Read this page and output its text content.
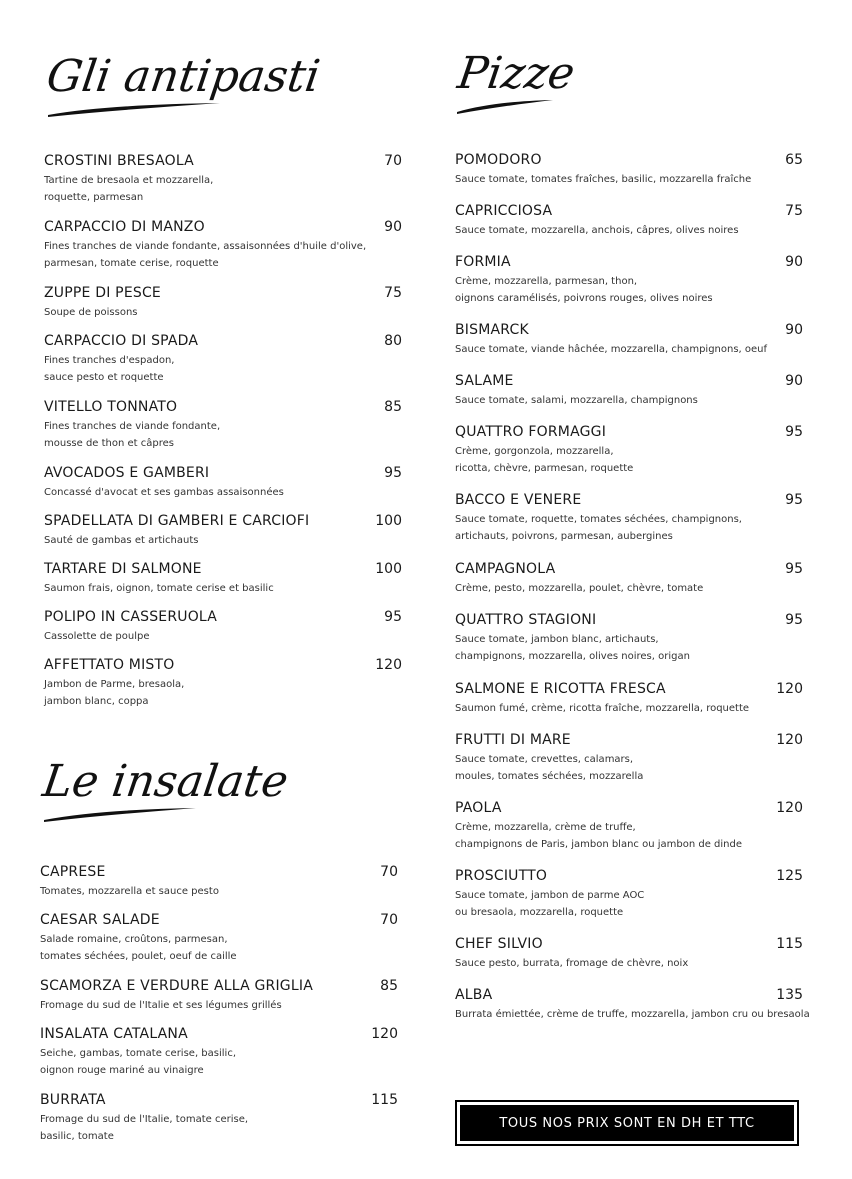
Gli antipasti
CROSTINI BRESAOLA	70
Tartine de bresaola et mozzarella,
roquette, parmesan
CARPACCIO DI MANZO	90
Fines tranches de viande fondante, assaisonnées d'huile d'olive,
parmesan, tomate cerise, roquette
ZUPPE DI PESCE	75
Soupe de poissons
CARPACCIO DI SPADA	80
Fines tranches d'espadon,
sauce pesto et roquette
VITELLO TONNATO	85
Fines tranches de viande fondante,
mousse de thon et câpres
AVOCADOS E GAMBERI	95
Concassé d'avocat et ses gambas assaisonnées
SPADELLATA DI GAMBERI E CARCIOFI	100
Sauté de gambas et artichauts
TARTARE DI SALMONE	100
Saumon frais, oignon, tomate cerise et basilic
POLIPO IN CASSERUOLA	95
Cassolette de poulpe
AFFETTATO MISTO	120
Jambon de Parme, bresaola,
jambon blanc, coppa
Le insalate
CAPRESE	70
Tomates, mozzarella et sauce pesto
CAESAR SALADE	70
Salade romaine, croûtons, parmesan,
tomates séchées, poulet, oeuf de caille
SCAMORZA E VERDURE ALLA GRIGLIA	85
Fromage du sud de l'Italie et ses légumes grillés
INSALATA CATALANA	120
Seiche, gambas, tomate cerise, basilic,
oignon rouge mariné au vinaigre
BURRATA	115
Fromage du sud de l'Italie, tomate cerise,
basilic, tomate
Pizze
POMODORO	65
Sauce tomate, tomates fraîches, basilic, mozzarella fraîche
CAPRICCIOSA	75
Sauce tomate, mozzarella, anchois, câpres, olives noires
FORMIA	90
Crème, mozzarella, parmesan, thon,
oignons caramélisés, poivrons rouges, olives noires
BISMARCK	90
Sauce tomate, viande hâchée, mozzarella, champignons, oeuf
SALAME	90
Sauce tomate, salami, mozzarella, champignons
QUATTRO FORMAGGI	95
Crème, gorgonzola, mozzarella,
ricotta, chèvre, parmesan, roquette
BACCO E VENERE	95
Sauce tomate, roquette, tomates séchées, champignons,
artichauts, poivrons, parmesan, aubergines
CAMPAGNOLA	95
Crème, pesto, mozzarella, poulet, chèvre, tomate
QUATTRO STAGIONI	95
Sauce tomate, jambon blanc, artichauts,
champignons, mozzarella, olives noires, origan
SALMONE E RICOTTA FRESCA	120
Saumon fumé, crème, ricotta fraîche, mozzarella, roquette
FRUTTI DI MARE	120
Sauce tomate, crevettes, calamars,
moules, tomates séchées, mozzarella
PAOLA	120
Crème, mozzarella, crème de truffe,
champignons de Paris, jambon blanc ou jambon de dinde
PROSCIUTTO	125
Sauce tomate, jambon de parme AOC
ou bresaola, mozzarella, roquette
CHEF SILVIO	115
Sauce pesto, burrata, fromage de chèvre, noix
ALBA	135
Burrata émiettée, crème de truffe, mozzarella, jambon cru ou bresaola
TOUS NOS PRIX SONT EN DH ET TTC
